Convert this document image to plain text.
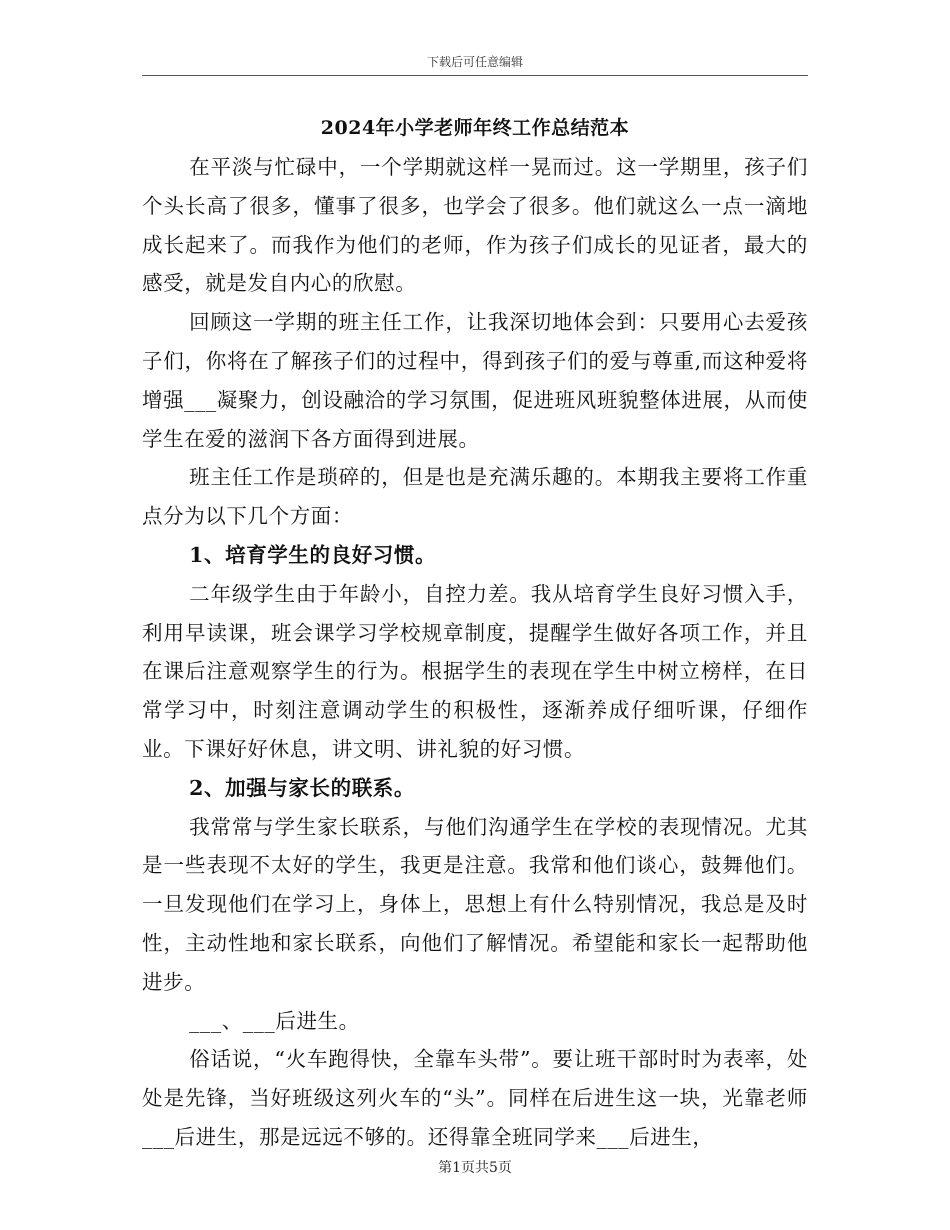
下载后可任意编辑
2024年小学老师年终工作总结范本

在平淡与忙碌中，一个学期就这样一晃而过。这一学期里，孩子们个头长高了很多，懂事了很多，也学会了很多。他们就这么一点一滴地成长起来了。而我作为他们的老师，作为孩子们成长的见证者，最大的感受，就是发自内心的欣慰。

回顾这一学期的班主任工作，让我深切地体会到：只要用心去爱孩子们，你将在了解孩子们的过程中，得到孩子们的爱与尊重,而这种爱将增强___凝聚力，创设融洽的学习氛围，促进班风班貌整体进展，从而使学生在爱的滋润下各方面得到进展。

班主任工作是琐碎的，但是也是充满乐趣的。本期我主要将工作重点分为以下几个方面：

1、培育学生的良好习惯。

二年级学生由于年龄小，自控力差。我从培育学生良好习惯入手，利用早读课，班会课学习学校规章制度，提醒学生做好各项工作，并且在课后注意观察学生的行为。根据学生的表现在学生中树立榜样，在日常学习中，时刻注意调动学生的积极性，逐渐养成仔细听课，仔细作业。下课好好休息，讲文明、讲礼貌的好习惯。

2、加强与家长的联系。

我常常与学生家长联系，与他们沟通学生在学校的表现情况。尤其是一些表现不太好的学生，我更是注意。我常和他们谈心，鼓舞他们。一旦发现他们在学习上，身体上，思想上有什么特别情况，我总是及时性，主动性地和家长联系，向他们了解情况。希望能和家长一起帮助他进步。

___、___后进生。

俗话说，“火车跑得快，全靠车头带”。要让班干部时时为表率，处处是先锋，当好班级这列火车的“头”。同样在后进生这一块，光靠老师___后进生，那是远远不够的。还得靠全班同学来___后进生，

第1页共5页
